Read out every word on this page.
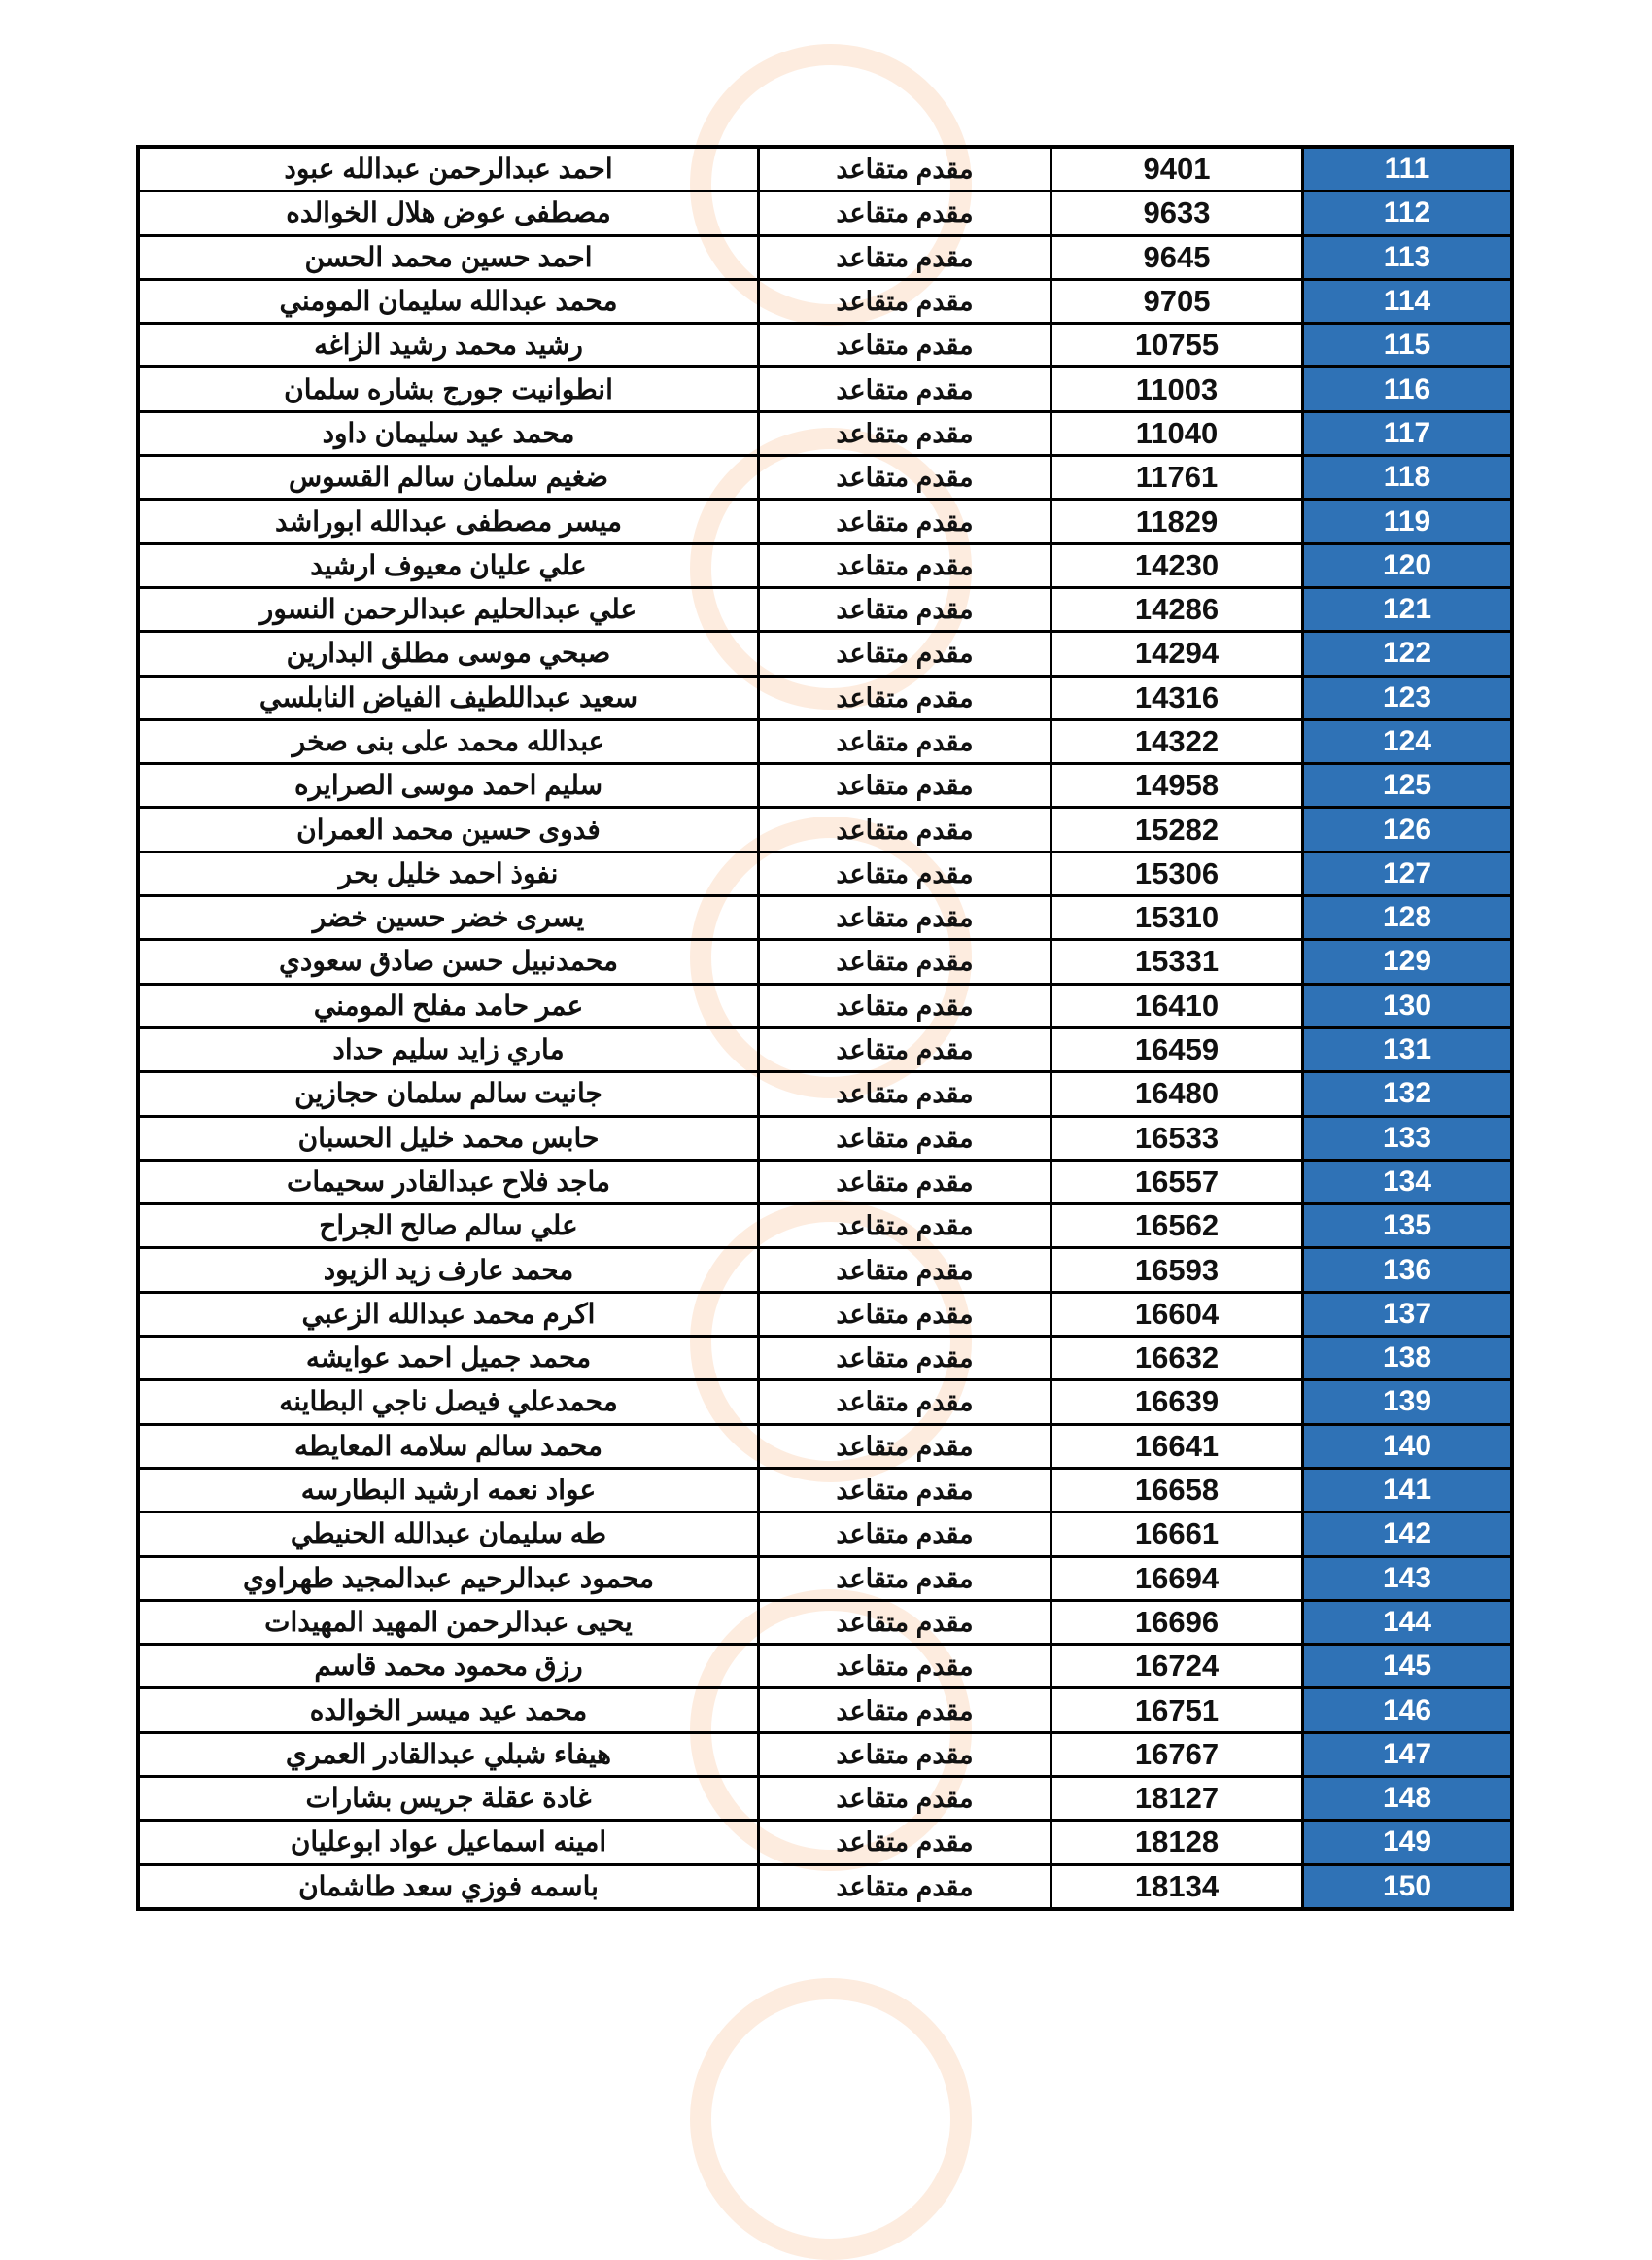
111	9401	مقدم متقاعد	احمد عبدالرحمن عبدالله عبود
112	9633	مقدم متقاعد	مصطفى عوض هلال الخوالده
113	9645	مقدم متقاعد	احمد حسين محمد الحسن
114	9705	مقدم متقاعد	محمد عبدالله سليمان المومني
115	10755	مقدم متقاعد	رشيد محمد رشيد الزاغه
116	11003	مقدم متقاعد	انطوانيت جورج بشاره سلمان
117	11040	مقدم متقاعد	محمد عيد سليمان داود
118	11761	مقدم متقاعد	ضغيم سلمان سالم القسوس
119	11829	مقدم متقاعد	ميسر مصطفى عبدالله ابوراشد
120	14230	مقدم متقاعد	علي عليان معيوف ارشيد
121	14286	مقدم متقاعد	علي عبدالحليم عبدالرحمن النسور
122	14294	مقدم متقاعد	صبحي موسى مطلق البدارين
123	14316	مقدم متقاعد	سعيد عبداللطيف الفياض النابلسي
124	14322	مقدم متقاعد	عبدالله محمد على بنى صخر
125	14958	مقدم متقاعد	سليم احمد موسى الصرايره
126	15282	مقدم متقاعد	فدوى حسين محمد العمران
127	15306	مقدم متقاعد	نفوذ احمد خليل بحر
128	15310	مقدم متقاعد	يسرى خضر حسين خضر
129	15331	مقدم متقاعد	محمدنبيل حسن صادق سعودي
130	16410	مقدم متقاعد	عمر حامد مفلح المومني
131	16459	مقدم متقاعد	ماري زايد سليم حداد
132	16480	مقدم متقاعد	جانيت سالم سلمان حجازين
133	16533	مقدم متقاعد	حابس محمد خليل الحسبان
134	16557	مقدم متقاعد	ماجد فلاح عبدالقادر سحيمات
135	16562	مقدم متقاعد	علي سالم صالح الجراح
136	16593	مقدم متقاعد	محمد عارف زيد الزيود
137	16604	مقدم متقاعد	اكرم محمد عبدالله الزعبي
138	16632	مقدم متقاعد	محمد جميل احمد عوايشه
139	16639	مقدم متقاعد	محمدعلي فيصل ناجي البطاينه
140	16641	مقدم متقاعد	محمد سالم سلامه المعايطه
141	16658	مقدم متقاعد	عواد نعمه ارشيد البطارسه
142	16661	مقدم متقاعد	طه سليمان عبدالله الحنيطي
143	16694	مقدم متقاعد	محمود عبدالرحيم عبدالمجيد طهراوي
144	16696	مقدم متقاعد	يحيى عبدالرحمن المهيد المهيدات
145	16724	مقدم متقاعد	رزق محمود محمد قاسم
146	16751	مقدم متقاعد	محمد عيد ميسر الخوالده
147	16767	مقدم متقاعد	هيفاء شبلي عبدالقادر العمري
148	18127	مقدم متقاعد	غادة عقلة جريس بشارات
149	18128	مقدم متقاعد	امينه اسماعيل عواد ابوعليان
150	18134	مقدم متقاعد	باسمه فوزي سعد طاشمان
